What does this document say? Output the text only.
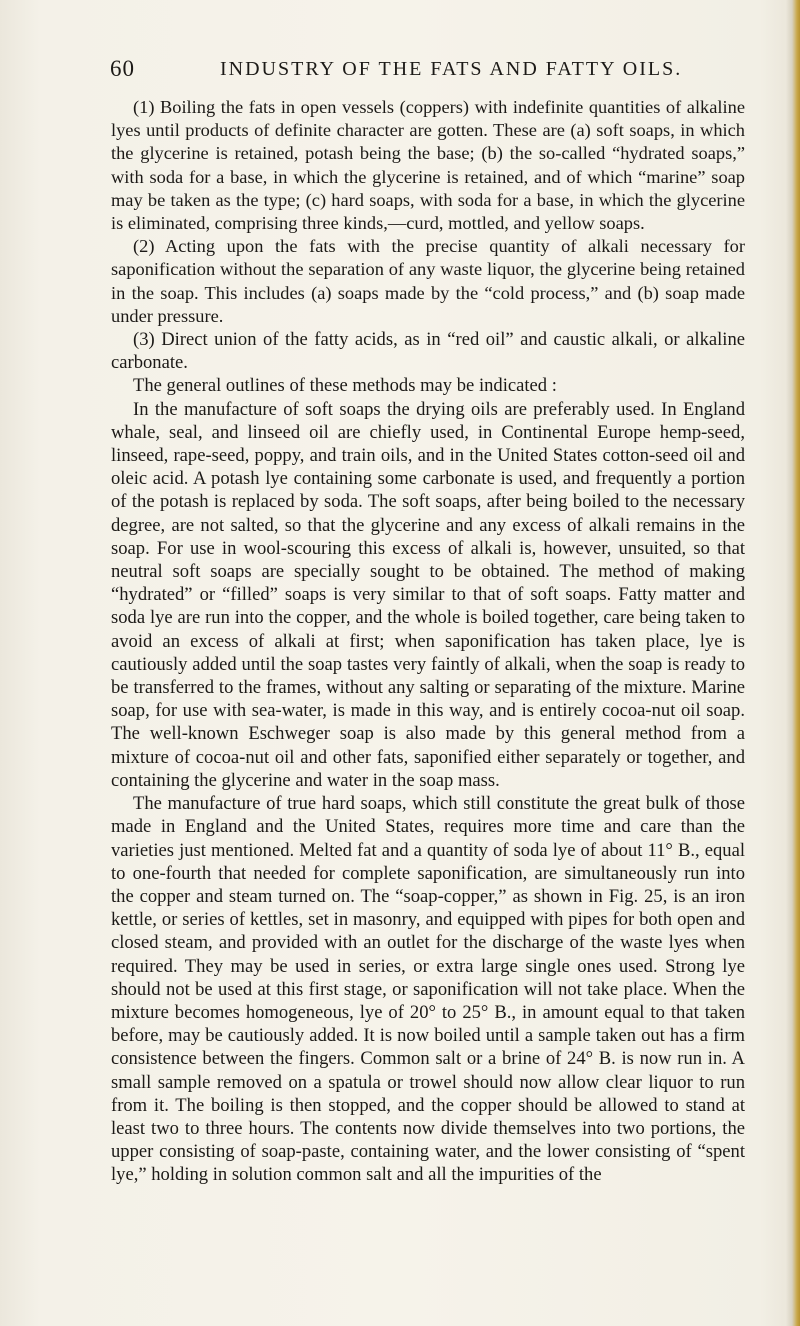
60	INDUSTRY OF THE FATS AND FATTY OILS.

(1) Boiling the fats in open vessels (coppers) with indefinite quantities of alkaline lyes until products of definite character are gotten. These are (a) soft soaps, in which the glycerine is retained, potash being the base; (b) the so-called “hydrated soaps,” with soda for a base, in which the glycerine is retained, and of which “marine” soap may be taken as the type; (c) hard soaps, with soda for a base, in which the glycerine is eliminated, comprising three kinds,—curd, mottled, and yellow soaps.

(2) Acting upon the fats with the precise quantity of alkali necessary for saponification without the separation of any waste liquor, the glycerine being retained in the soap. This includes (a) soaps made by the “cold process,” and (b) soap made under pressure.

(3) Direct union of the fatty acids, as in “red oil” and caustic alkali, or alkaline carbonate.

The general outlines of these methods may be indicated :

In the manufacture of soft soaps the drying oils are preferably used. In England whale, seal, and linseed oil are chiefly used, in Continental Europe hemp-seed, linseed, rape-seed, poppy, and train oils, and in the United States cotton-seed oil and oleic acid. A potash lye containing some carbonate is used, and frequently a portion of the potash is replaced by soda. The soft soaps, after being boiled to the necessary degree, are not salted, so that the glycerine and any excess of alkali remains in the soap. For use in wool-scouring this excess of alkali is, however, unsuited, so that neutral soft soaps are specially sought to be obtained. The method of making “hydrated” or “filled” soaps is very similar to that of soft soaps. Fatty matter and soda lye are run into the copper, and the whole is boiled together, care being taken to avoid an excess of alkali at first; when saponification has taken place, lye is cautiously added until the soap tastes very faintly of alkali, when the soap is ready to be transferred to the frames, without any salting or separating of the mixture. Marine soap, for use with sea-water, is made in this way, and is entirely cocoa-nut oil soap. The well-known Eschweger soap is also made by this general method from a mixture of cocoa-nut oil and other fats, saponified either separately or together, and containing the glycerine and water in the soap mass.

The manufacture of true hard soaps, which still constitute the great bulk of those made in England and the United States, requires more time and care than the varieties just mentioned. Melted fat and a quantity of soda lye of about 11° B., equal to one-fourth that needed for complete saponification, are simultaneously run into the copper and steam turned on. The “soap-copper,” as shown in Fig. 25, is an iron kettle, or series of kettles, set in masonry, and equipped with pipes for both open and closed steam, and provided with an outlet for the discharge of the waste lyes when required. They may be used in series, or extra large single ones used. Strong lye should not be used at this first stage, or saponification will not take place. When the mixture becomes homogeneous, lye of 20° to 25° B., in amount equal to that taken before, may be cautiously added. It is now boiled until a sample taken out has a firm consistence between the fingers. Common salt or a brine of 24° B. is now run in. A small sample removed on a spatula or trowel should now allow clear liquor to run from it. The boiling is then stopped, and the copper should be allowed to stand at least two to three hours. The contents now divide themselves into two portions, the upper consisting of soap-paste, containing water, and the lower consisting of “spent lye,” holding in solution common salt and all the impurities of the
